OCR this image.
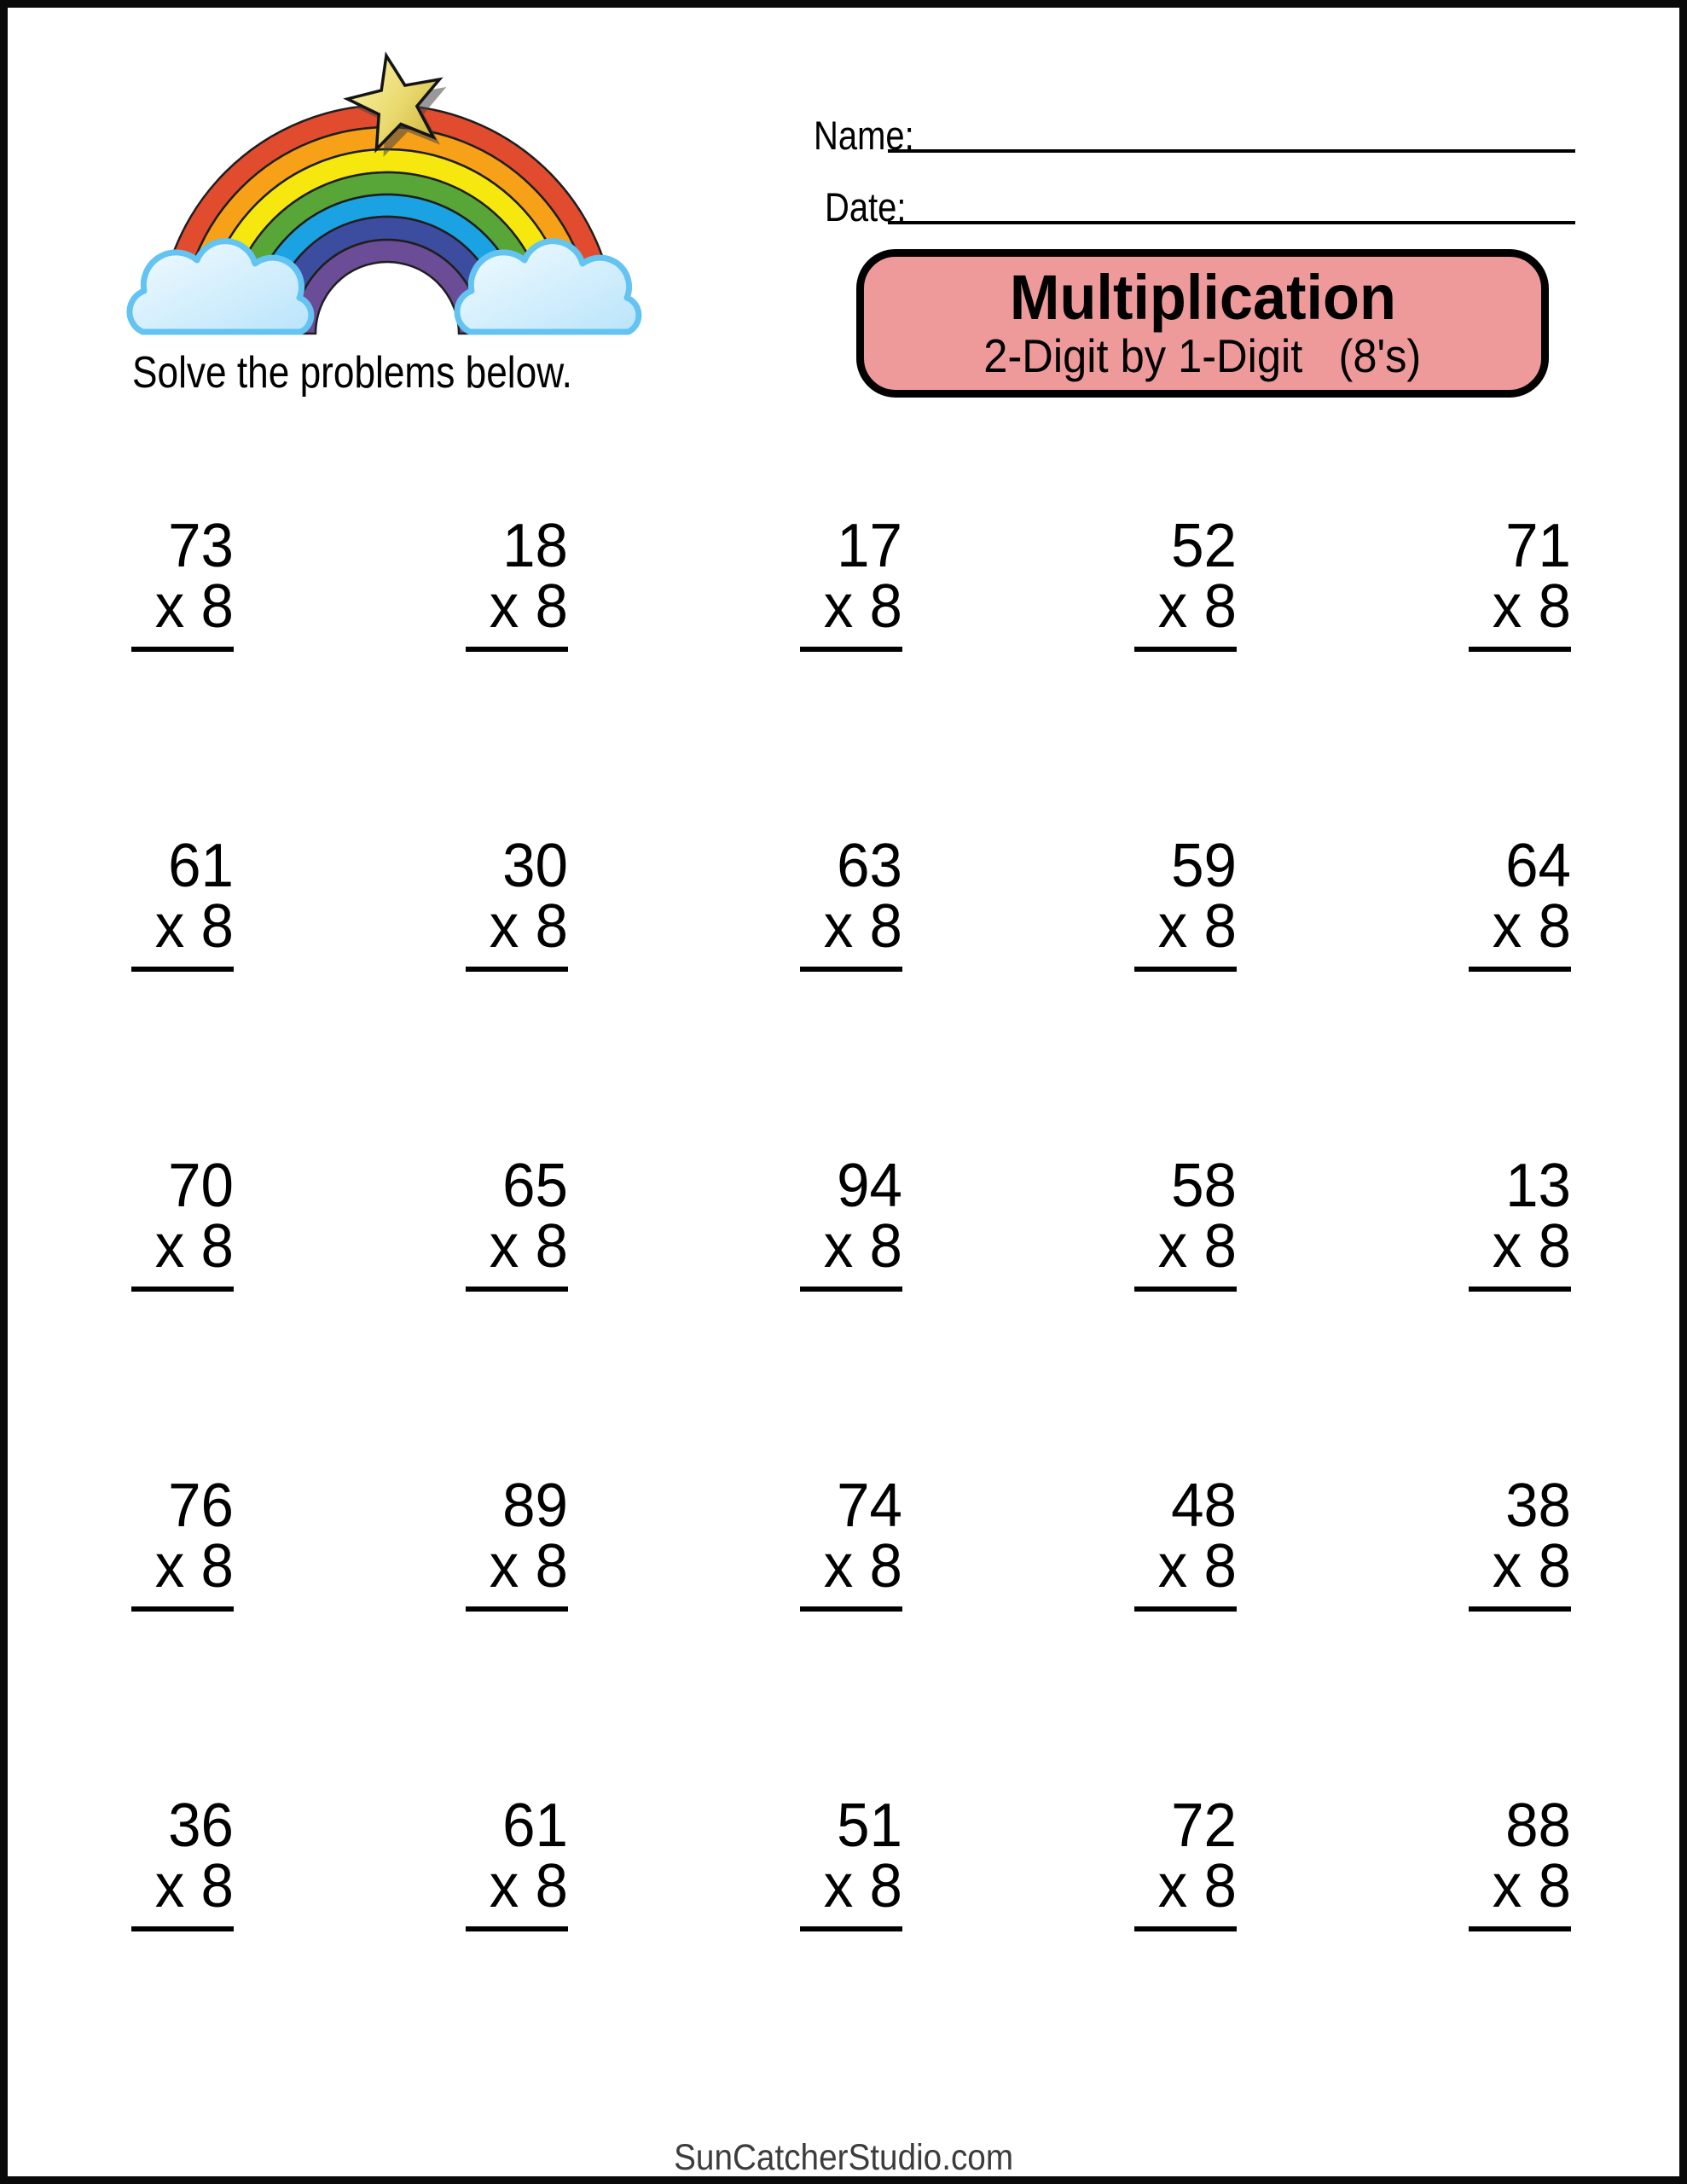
Solve the problems below.
Name:
Date:
Multiplication
2-Digit by 1-Digit   (8's)
73
x 8
18
x 8
17
x 8
52
x 8
71
x 8
61
x 8
30
x 8
63
x 8
59
x 8
64
x 8
70
x 8
65
x 8
94
x 8
58
x 8
13
x 8
76
x 8
89
x 8
74
x 8
48
x 8
38
x 8
36
x 8
61
x 8
51
x 8
72
x 8
88
x 8
SunCatcherStudio.com
